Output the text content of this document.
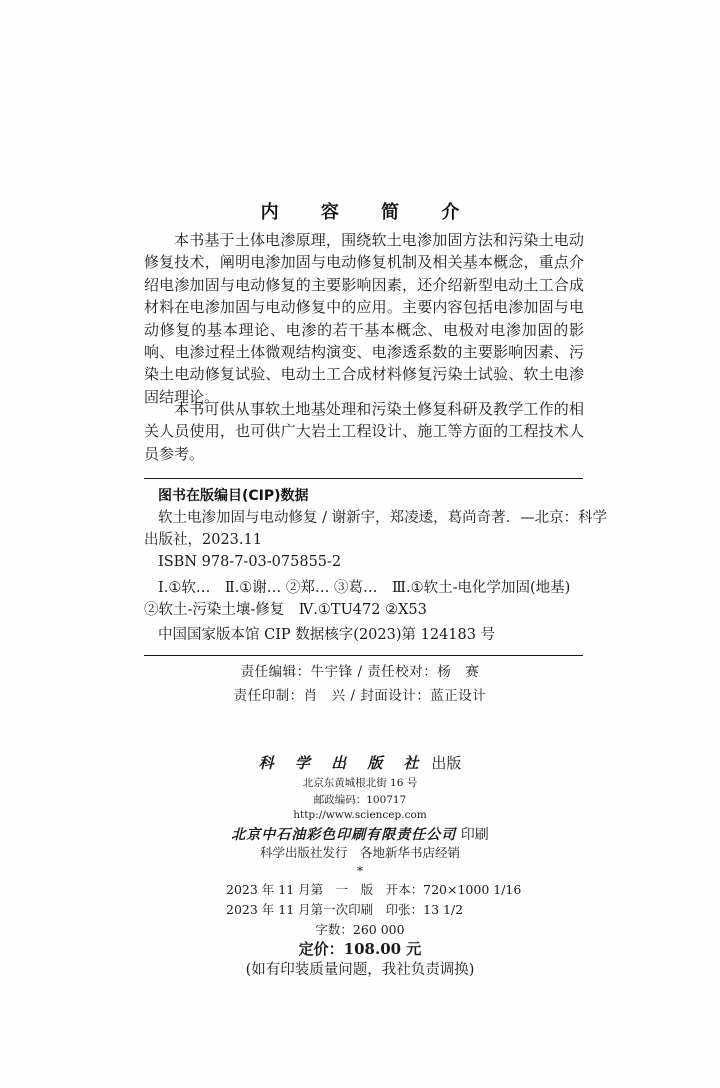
内 容 简 介

本书基于土体电渗原理，围绕软土电渗加固方法和污染土电动修复技术，阐明电渗加固与电动修复机制及相关基本概念，重点介绍电渗加固与电动修复的主要影响因素，还介绍新型电动土工合成材料在电渗加固与电动修复中的应用。主要内容包括电渗加固与电动修复的基本理论、电渗的若干基本概念、电极对电渗加固的影响、电渗过程土体微观结构演变、电渗透系数的主要影响因素、污染土电动修复试验、电动土工合成材料修复污染土试验、软土电渗固结理论。

本书可供从事软土地基处理和污染土修复科研及教学工作的相关人员使用，也可供广大岩土工程设计、施工等方面的工程技术人员参考。

图书在版编目(CIP)数据
软土电渗加固与电动修复 / 谢新宇，郑凌逶，葛尚奇著．—北京：科学
出版社，2023.11
ISBN 978-7-03-075855-2
Ⅰ.①软…　Ⅱ.①谢… ②郑… ③葛…　Ⅲ.①软土-电化学加固(地基)
②软土-污染土壤-修复　Ⅳ.①TU472 ②X53
中国国家版本馆 CIP 数据核字(2023)第 124183 号
责任编辑：牛宇锋 / 责任校对：杨　赛
责任印制：肖　兴 / 封面设计：蓝正设计
科 学 出 版 社 出版
北京东黄城根北街 16 号
邮政编码：100717
http://www.sciencep.com
北京中石油彩色印刷有限责任公司 印刷
科学出版社发行　各地新华书店经销
*
2023 年 11 月第　一　版　开本：720×1000 1/16
2023 年 11 月第一次印刷　印张：13 1/2
字数：260 000
定价：108.00 元
(如有印装质量问题，我社负责调换)
